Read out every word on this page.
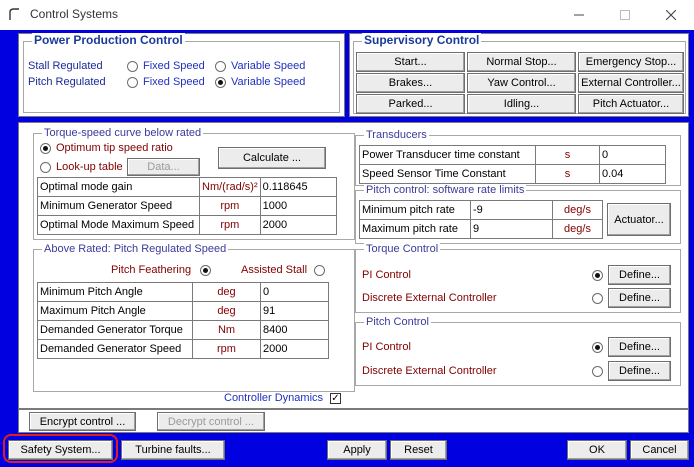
Control Systems
Power Production Control
Stall Regulated	Fixed Speed Variable Speed
Pitch Regulated	Fixed Speed Variable Speed
Supervisory Control
Start...	Normal Stop...	Emergency Stop...
Brakes...	Yaw Control...	External Controller...
Parked...	Idling...	Pitch Actuator...
Torque-speed curve below rated
Optimum tip speed ratio
Look-up table	Data...
Calculate ...
Optimal mode gain	Nm/(rad/s)²	0.118645
Minimum Generator Speed	rpm	1000
Optimal Mode Maximum Speed	rpm	2000
Above Rated: Pitch Regulated Speed
Pitch Feathering	Assisted Stall
Minimum Pitch Angle	deg	0
Maximum Pitch Angle	deg	91
Demanded Generator Torque	Nm	8400
Demanded Generator Speed	rpm	2000
Controller Dynamics ✓
Transducers
Power Transducer time constant	s	0
Speed Sensor Time Constant	s	0.04
Pitch control: software rate limits
Minimum pitch rate	-9	deg/s
Maximum pitch rate	9	deg/s
Actuator...
Torque Control
PI Control	Define...
Discrete External Controller	Define...
Pitch Control
PI Control	Define...
Discrete External Controller	Define...
Encrypt control ...	Decrypt control ...
Safety System...	Turbine faults...	Apply	Reset	OK	Cancel
